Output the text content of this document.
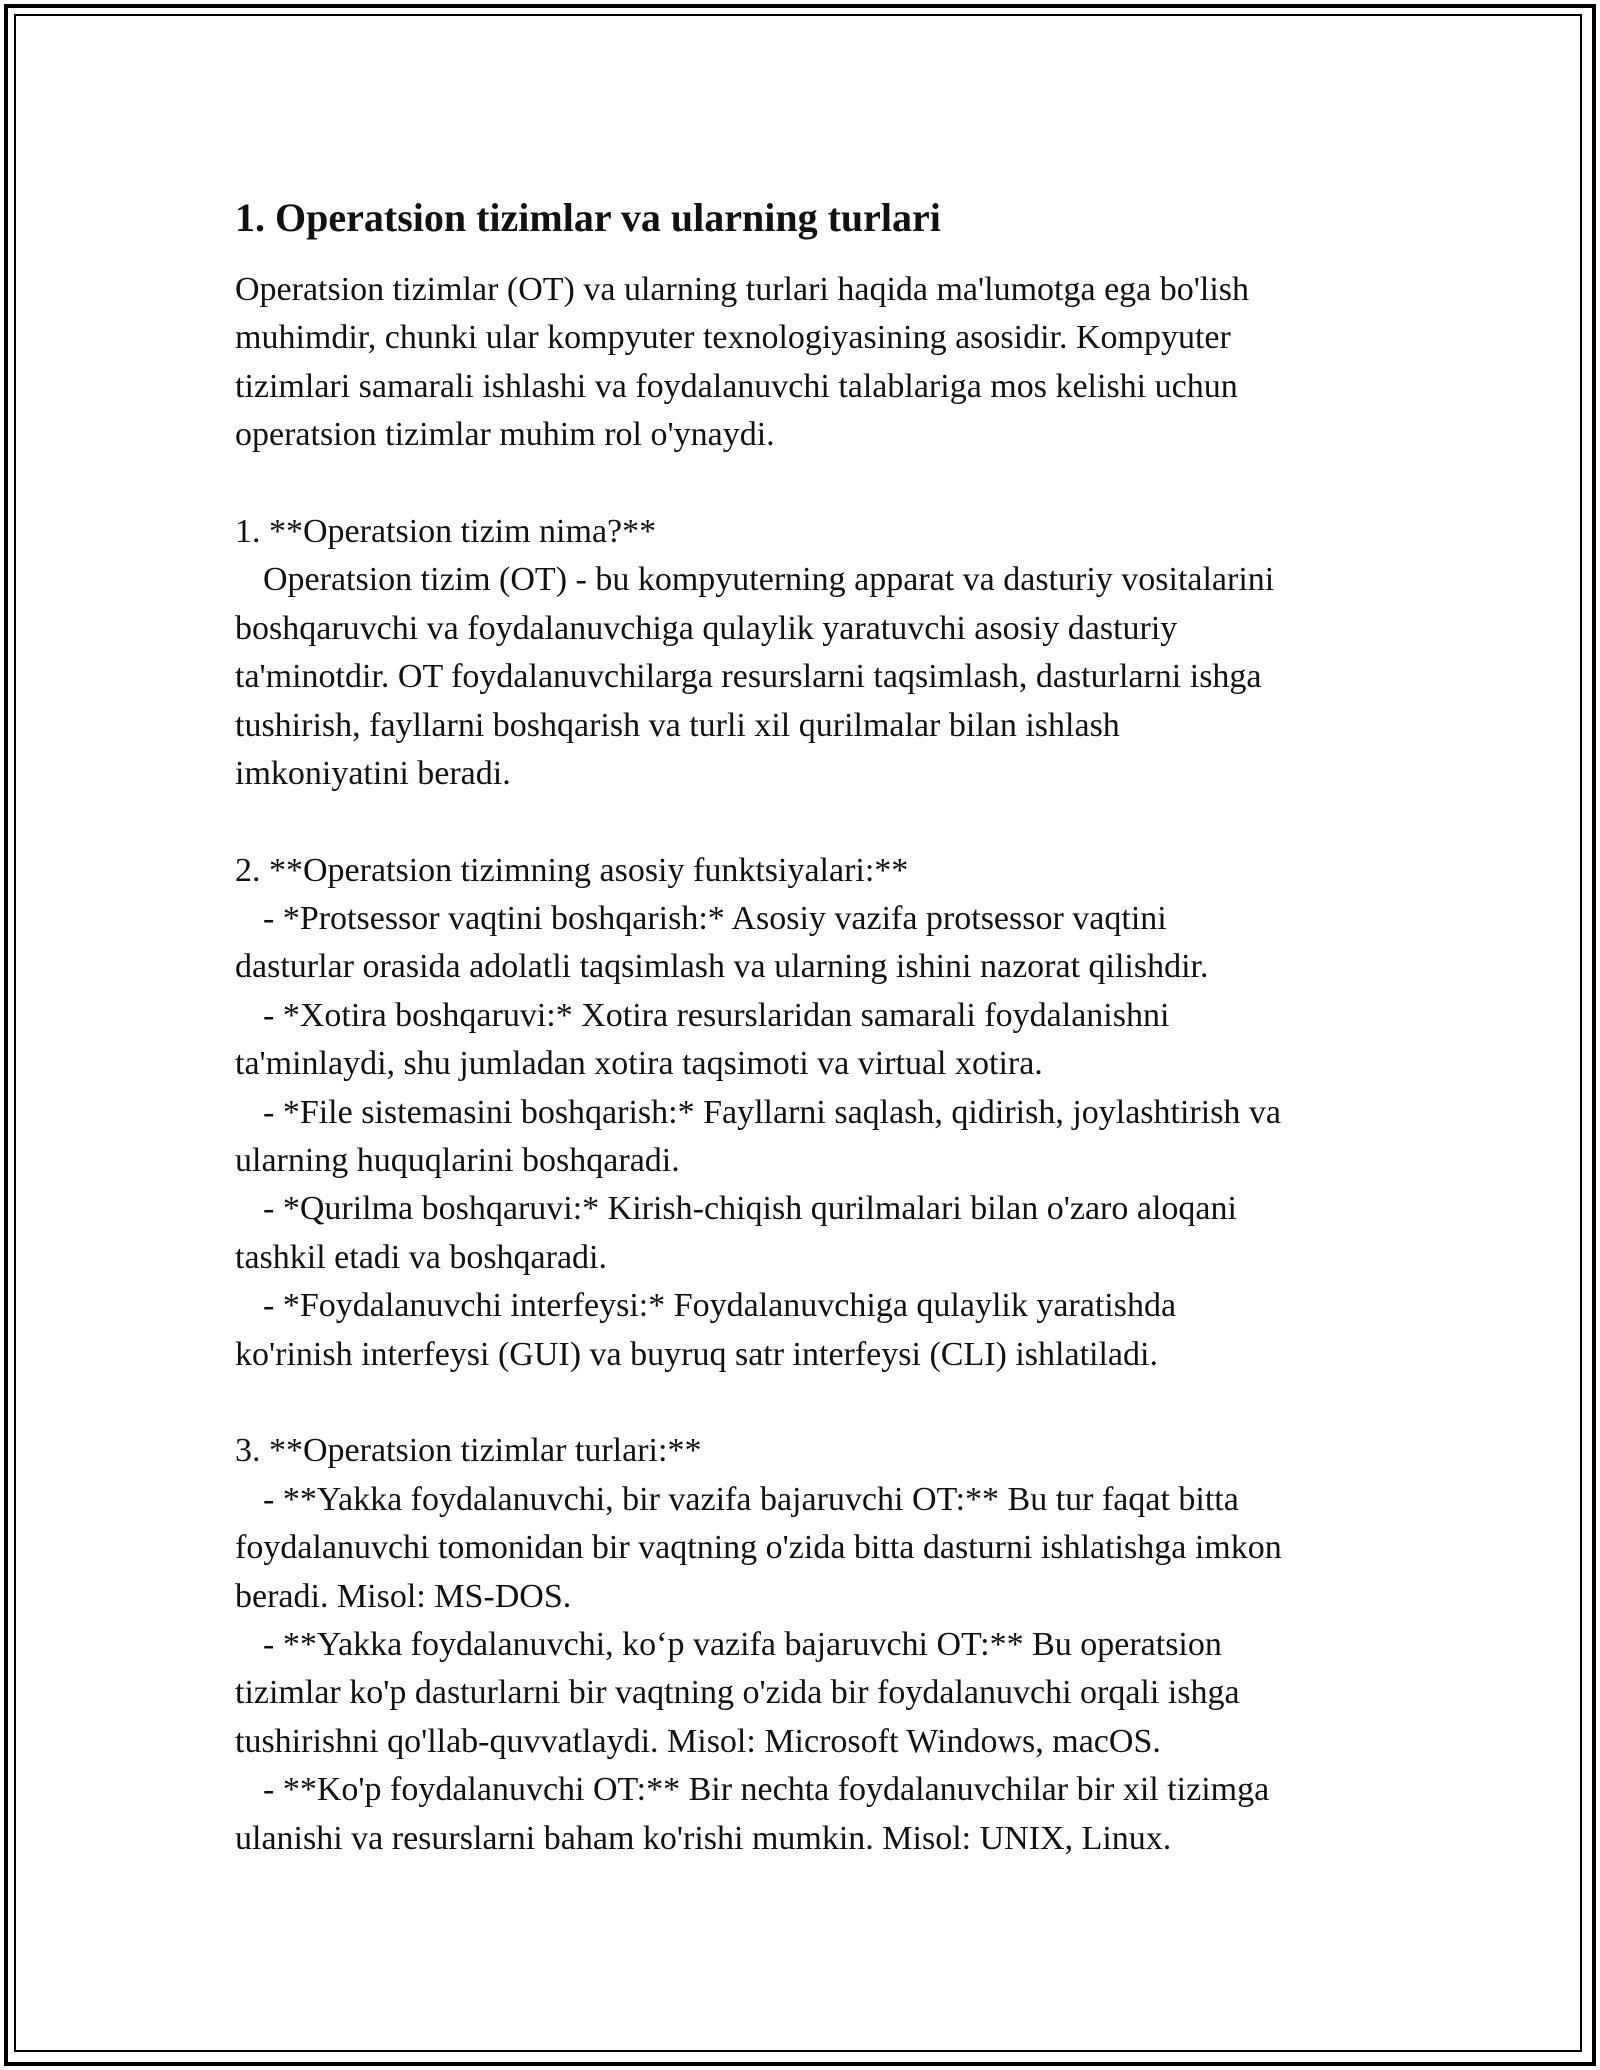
1. Operatsion tizimlar va ularning turlari

Operatsion tizimlar (OT) va ularning turlari haqida ma'lumotga ega bo'lish

muhimdir, chunki ular kompyuter texnologiyasining asosidir. Kompyuter

tizimlari samarali ishlashi va foydalanuvchi talablariga mos kelishi uchun

operatsion tizimlar muhim rol o'ynaydi.

1. **Operatsion tizim nima?**

Operatsion tizim (OT) - bu kompyuterning apparat va dasturiy vositalarini

boshqaruvchi va foydalanuvchiga qulaylik yaratuvchi asosiy dasturiy

ta'minotdir. OT foydalanuvchilarga resurslarni taqsimlash, dasturlarni ishga

tushirish, fayllarni boshqarish va turli xil qurilmalar bilan ishlash

imkoniyatini beradi.

2. **Operatsion tizimning asosiy funktsiyalari:**

- *Protsessor vaqtini boshqarish:* Asosiy vazifa protsessor vaqtini

dasturlar orasida adolatli taqsimlash va ularning ishini nazorat qilishdir.

- *Xotira boshqaruvi:* Xotira resurslaridan samarali foydalanishni

ta'minlaydi, shu jumladan xotira taqsimoti va virtual xotira.

- *File sistemasini boshqarish:* Fayllarni saqlash, qidirish, joylashtirish va

ularning huquqlarini boshqaradi.

- *Qurilma boshqaruvi:* Kirish-chiqish qurilmalari bilan o'zaro aloqani

tashkil etadi va boshqaradi.

- *Foydalanuvchi interfeysi:* Foydalanuvchiga qulaylik yaratishda

ko'rinish interfeysi (GUI) va buyruq satr interfeysi (CLI) ishlatiladi.

3. **Operatsion tizimlar turlari:**

- **Yakka foydalanuvchi, bir vazifa bajaruvchi OT:** Bu tur faqat bitta

foydalanuvchi tomonidan bir vaqtning o'zida bitta dasturni ishlatishga imkon

beradi. Misol: MS-DOS.

- **Yakka foydalanuvchi, ko‘p vazifa bajaruvchi OT:** Bu operatsion

tizimlar ko'p dasturlarni bir vaqtning o'zida bir foydalanuvchi orqali ishga

tushirishni qo'llab-quvvatlaydi. Misol: Microsoft Windows, macOS.

- **Ko'p foydalanuvchi OT:** Bir nechta foydalanuvchilar bir xil tizimga

ulanishi va resurslarni baham ko'rishi mumkin. Misol: UNIX, Linux.
